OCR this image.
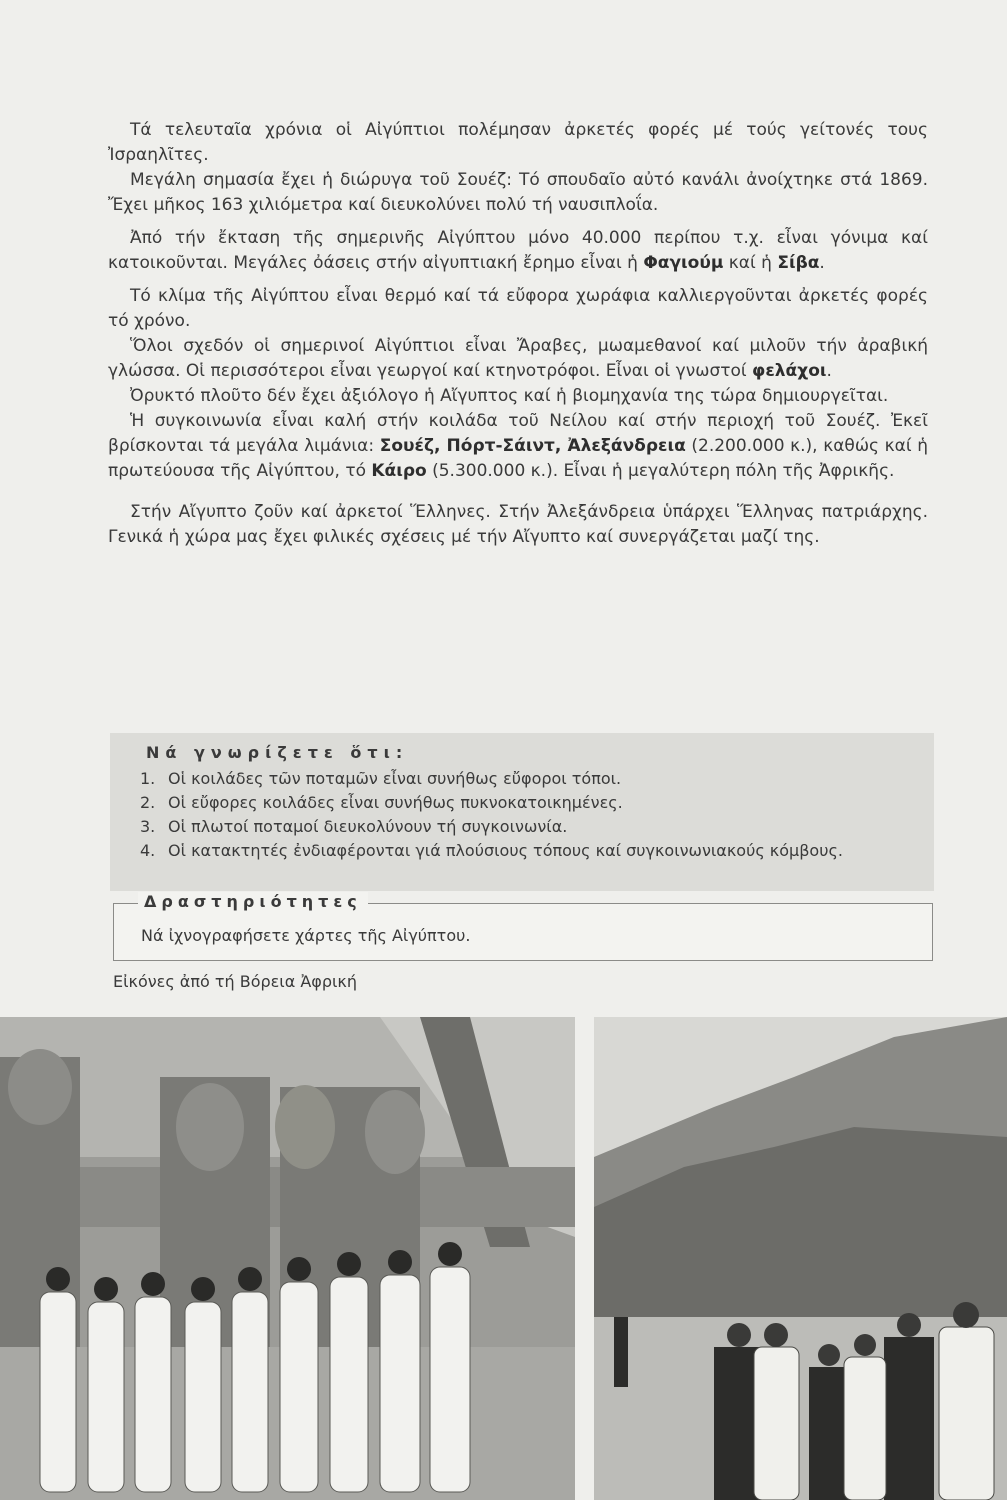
Τά τελευταῖα χρόνια οἱ Αἰγύπτιοι πολέμησαν ἀρκετές φορές μέ τούς γείτονές τους Ἰσραηλῖτες.

Μεγάλη σημασία ἔχει ἡ διώρυγα τοῦ Σουέζ: Τό σπουδαῖο αὐτό κανάλι ἀνοίχτηκε στά 1869. Ἔχει μῆκος 163 χιλιόμετρα καί διευκολύνει πολύ τή ναυσιπλοΐα.

Ἀπό τήν ἔκταση τῆς σημερινῆς Αἰγύπτου μόνο 40.000 περίπου τ.χ. εἶναι γόνιμα καί κατοικοῦνται. Μεγάλες ὀάσεις στήν αἰγυπτιακή ἔρημο εἶναι ἡ Φαγιούμ καί ἡ Σίβα.

Τό κλίμα τῆς Αἰγύπτου εἶναι θερμό καί τά εὔφορα χωράφια καλλιεργοῦνται ἀρκετές φορές τό χρόνο.

Ὅλοι σχεδόν οἱ σημερινοί Αἰγύπτιοι εἶναι Ἄραβες, μωαμεθανοί καί μιλοῦν τήν ἀραβική γλώσσα. Οἱ περισσότεροι εἶναι γεωργοί καί κτηνοτρόφοι. Εἶναι οἱ γνωστοί φελάχοι.

Ὀρυκτό πλοῦτο δέν ἔχει ἀξιόλογο ἡ Αἴγυπτος καί ἡ βιομηχανία της τώρα δημιουργεῖται.

Ἡ συγκοινωνία εἶναι καλή στήν κοιλάδα τοῦ Νείλου καί στήν περιοχή τοῦ Σουέζ. Ἐκεῖ βρίσκονται τά μεγάλα λιμάνια: Σουέζ, Πόρτ-Σάιντ, Ἀλεξάνδρεια (2.200.000 κ.), καθώς καί ἡ πρωτεύουσα τῆς Αἰγύπτου, τό Κάιρο (5.300.000 κ.). Εἶναι ἡ μεγαλύτερη πόλη τῆς Ἀφρικῆς.

Στήν Αἴγυπτο ζοῦν καί ἀρκετοί Ἕλληνες. Στήν Ἀλεξάνδρεια ὑπάρχει Ἕλληνας πατριάρχης. Γενικά ἡ χώρα μας ἔχει φιλικές σχέσεις μέ τήν Αἴγυπτο καί συνεργάζεται μαζί της.

Νά γνωρίζετε ὅτι:
1. Οἱ κοιλάδες τῶν ποταμῶν εἶναι συνήθως εὔφοροι τόποι.
2. Οἱ εὔφορες κοιλάδες εἶναι συνήθως πυκνοκατοικημένες.
3. Οἱ πλωτοί ποταμοί διευκολύνουν τή συγκοινωνία.
4. Οἱ κατακτητές ἐνδιαφέρονται γιά πλούσιους τόπους καί συγκοινωνιακούς κόμβους.
Δραστηριότητες
Νά ἰχνογραφήσετε χάρτες τῆς Αἰγύπτου.
Εἰκόνες ἀπό τή Βόρεια Ἀφρική
